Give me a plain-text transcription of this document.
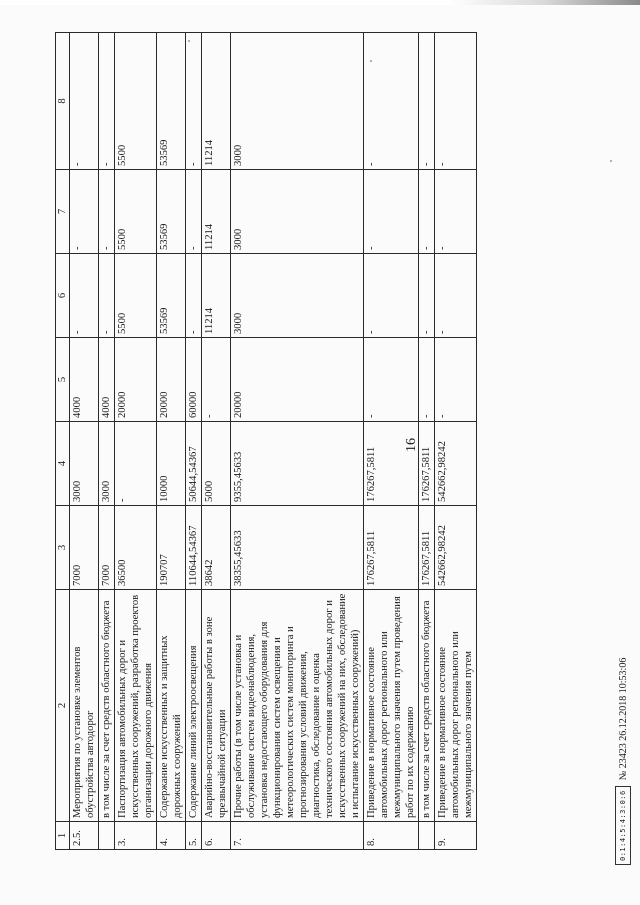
16
1	2	3	4	5	6	7	8
2.5.	Мероприятия по установке элементов обустройства автодорог	7000	3000	4000	-	-	-
	в том числе за счет средств областного бюджета	7000	3000	4000	-	-	-
3.	Паспортизация автомобильных дорог и искусственных сооружений, разработка проектов организации дорожного движения	36500	-	20000	5500	5500	5500
4.	Содержание искусственных и защитных дорожных сооружений	190707	10000	20000	53569	53569	53569
5.	Содержание линий электроосвещения	110644,54367	50644,54367	60000	-	-	-
6.	Аварийно-восстановительные работы в зоне чрезвычайной ситуации	38642	5000	-	11214	11214	11214
7.	Прочие работы (в том числе установка и обслуживание систем видеонаблюдения, установка недостающего оборудования для функционирования систем освещения и метеорологических систем мониторинга и прогнозирования условий движения, диагностика, обследование и оценка технического состояния автомобильных дорог и искусственных сооружений на них, обследование и испытание искусственных сооружений)	38355,45633	9355,45633	20000	3000	3000	3000
8.	Приведение в нормативное состояние автомобильных дорог регионального или межмуниципального значения путем проведения работ по их содержанию	176267,5811	176267,5811	-	-	-	-
	в том числе за счет средств областного бюджета	176267,5811	176267,5811	-	-	-	-
9.	Приведение в нормативное состояние автомобильных дорог регионального или межмуниципального значения путем	542662,98242	542662,98242	-	-	-	-
0:1:4:5:4:3:0:6
№ 23423 26.12.2018 10:53:06
